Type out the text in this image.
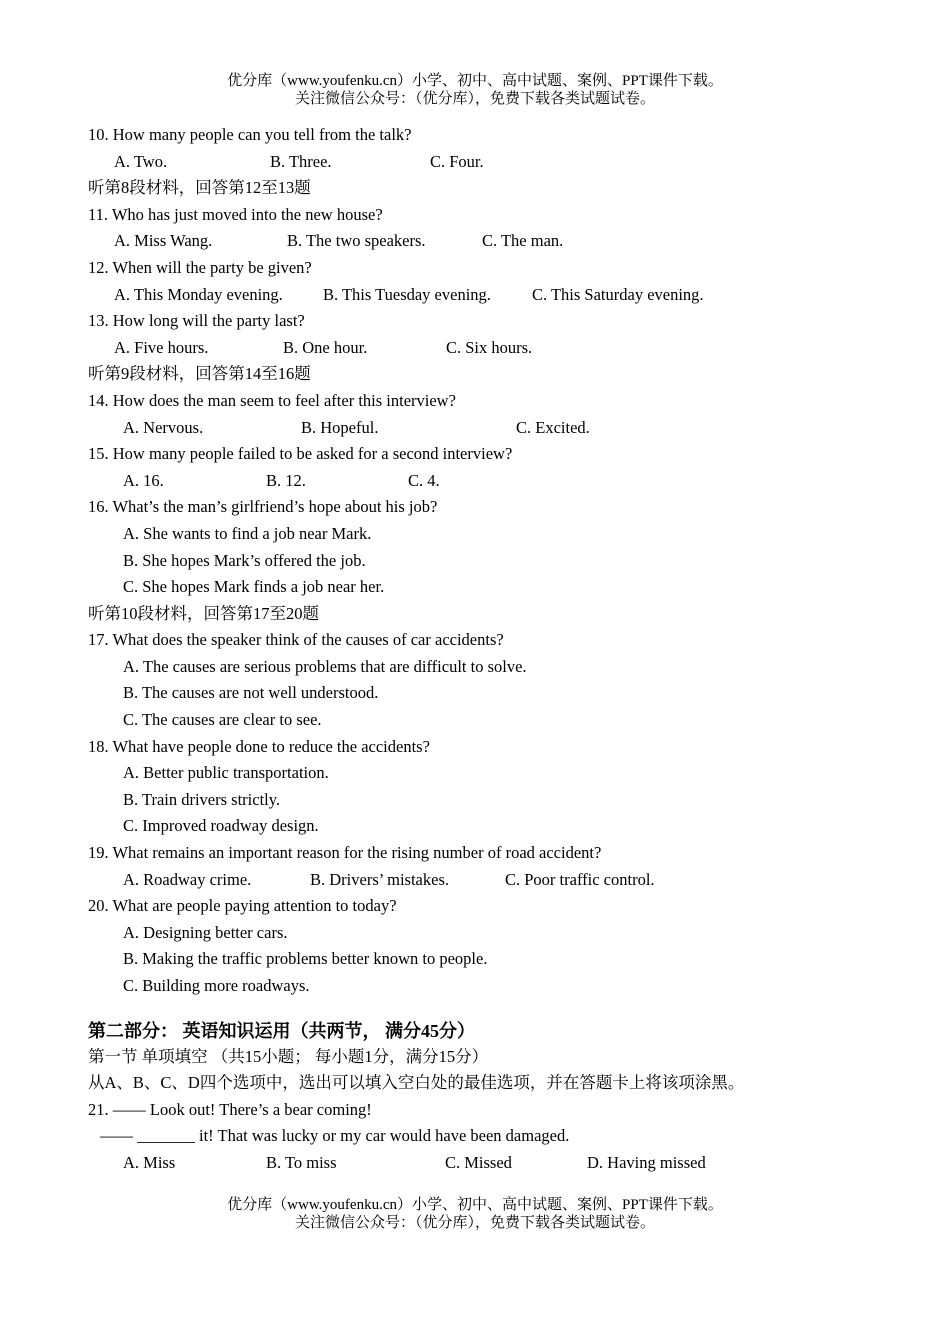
优分库（www.youfenku.cn）小学、初中、高中试题、案例、PPT课件下载。
关注微信公众号：（优分库），免费下载各类试题试卷。
10. How many people can you tell from the talk?
A. Two.	B. Three.	C. Four.
听第8段材料，回答第12至13题
11. Who has just moved into the new house?
A. Miss Wang.	B. The two speakers.	C. The man.
12. When will the party be given?
A. This Monday evening. B. This Tuesday evening. C. This Saturday evening.
13. How long will the party last?
A. Five hours.	B. One hour.	C. Six hours.
听第9段材料，回答第14至16题
14. How does the man seem to feel after this interview?
A. Nervous.	B. Hopeful.	C. Excited.
15. How many people failed to be asked for a second interview?
A. 16.	B. 12.	C. 4.
16. What’s the man’s girlfriend’s hope about his job?
A. She wants to find a job near Mark.
B. She hopes Mark’s offered the job.
C. She hopes Mark finds a job near her.
听第10段材料，回答第17至20题
17. What does the speaker think of the causes of car accidents?
A. The causes are serious problems that are difficult to solve.
B. The causes are not well understood.
C. The causes are clear to see.
18. What have people done to reduce the accidents?
A. Better public transportation.
B. Train drivers strictly.
C. Improved roadway design.
19. What remains an important reason for the rising number of road accident?
A. Roadway crime.	B. Drivers’ mistakes.	C. Poor traffic control.
20. What are people paying attention to today?
A. Designing better cars.
B. Making the traffic problems better known to people.
C. Building more roadways.
第二部分： 英语知识运用（共两节， 满分45分）
第一节 单项填空 （共15小题； 每小题1分，满分15分）
从A、B、C、D四个选项中，选出可以填入空白处的最佳选项，并在答题卡上将该项涂黑。
21. —— Look out! There’s a bear coming!
—— _______ it! That was lucky or my car would have been damaged.
A. Miss	B. To miss	C. Missed	D. Having missed
优分库（www.youfenku.cn）小学、初中、高中试题、案例、PPT课件下载。
关注微信公众号：（优分库），免费下载各类试题试卷。
